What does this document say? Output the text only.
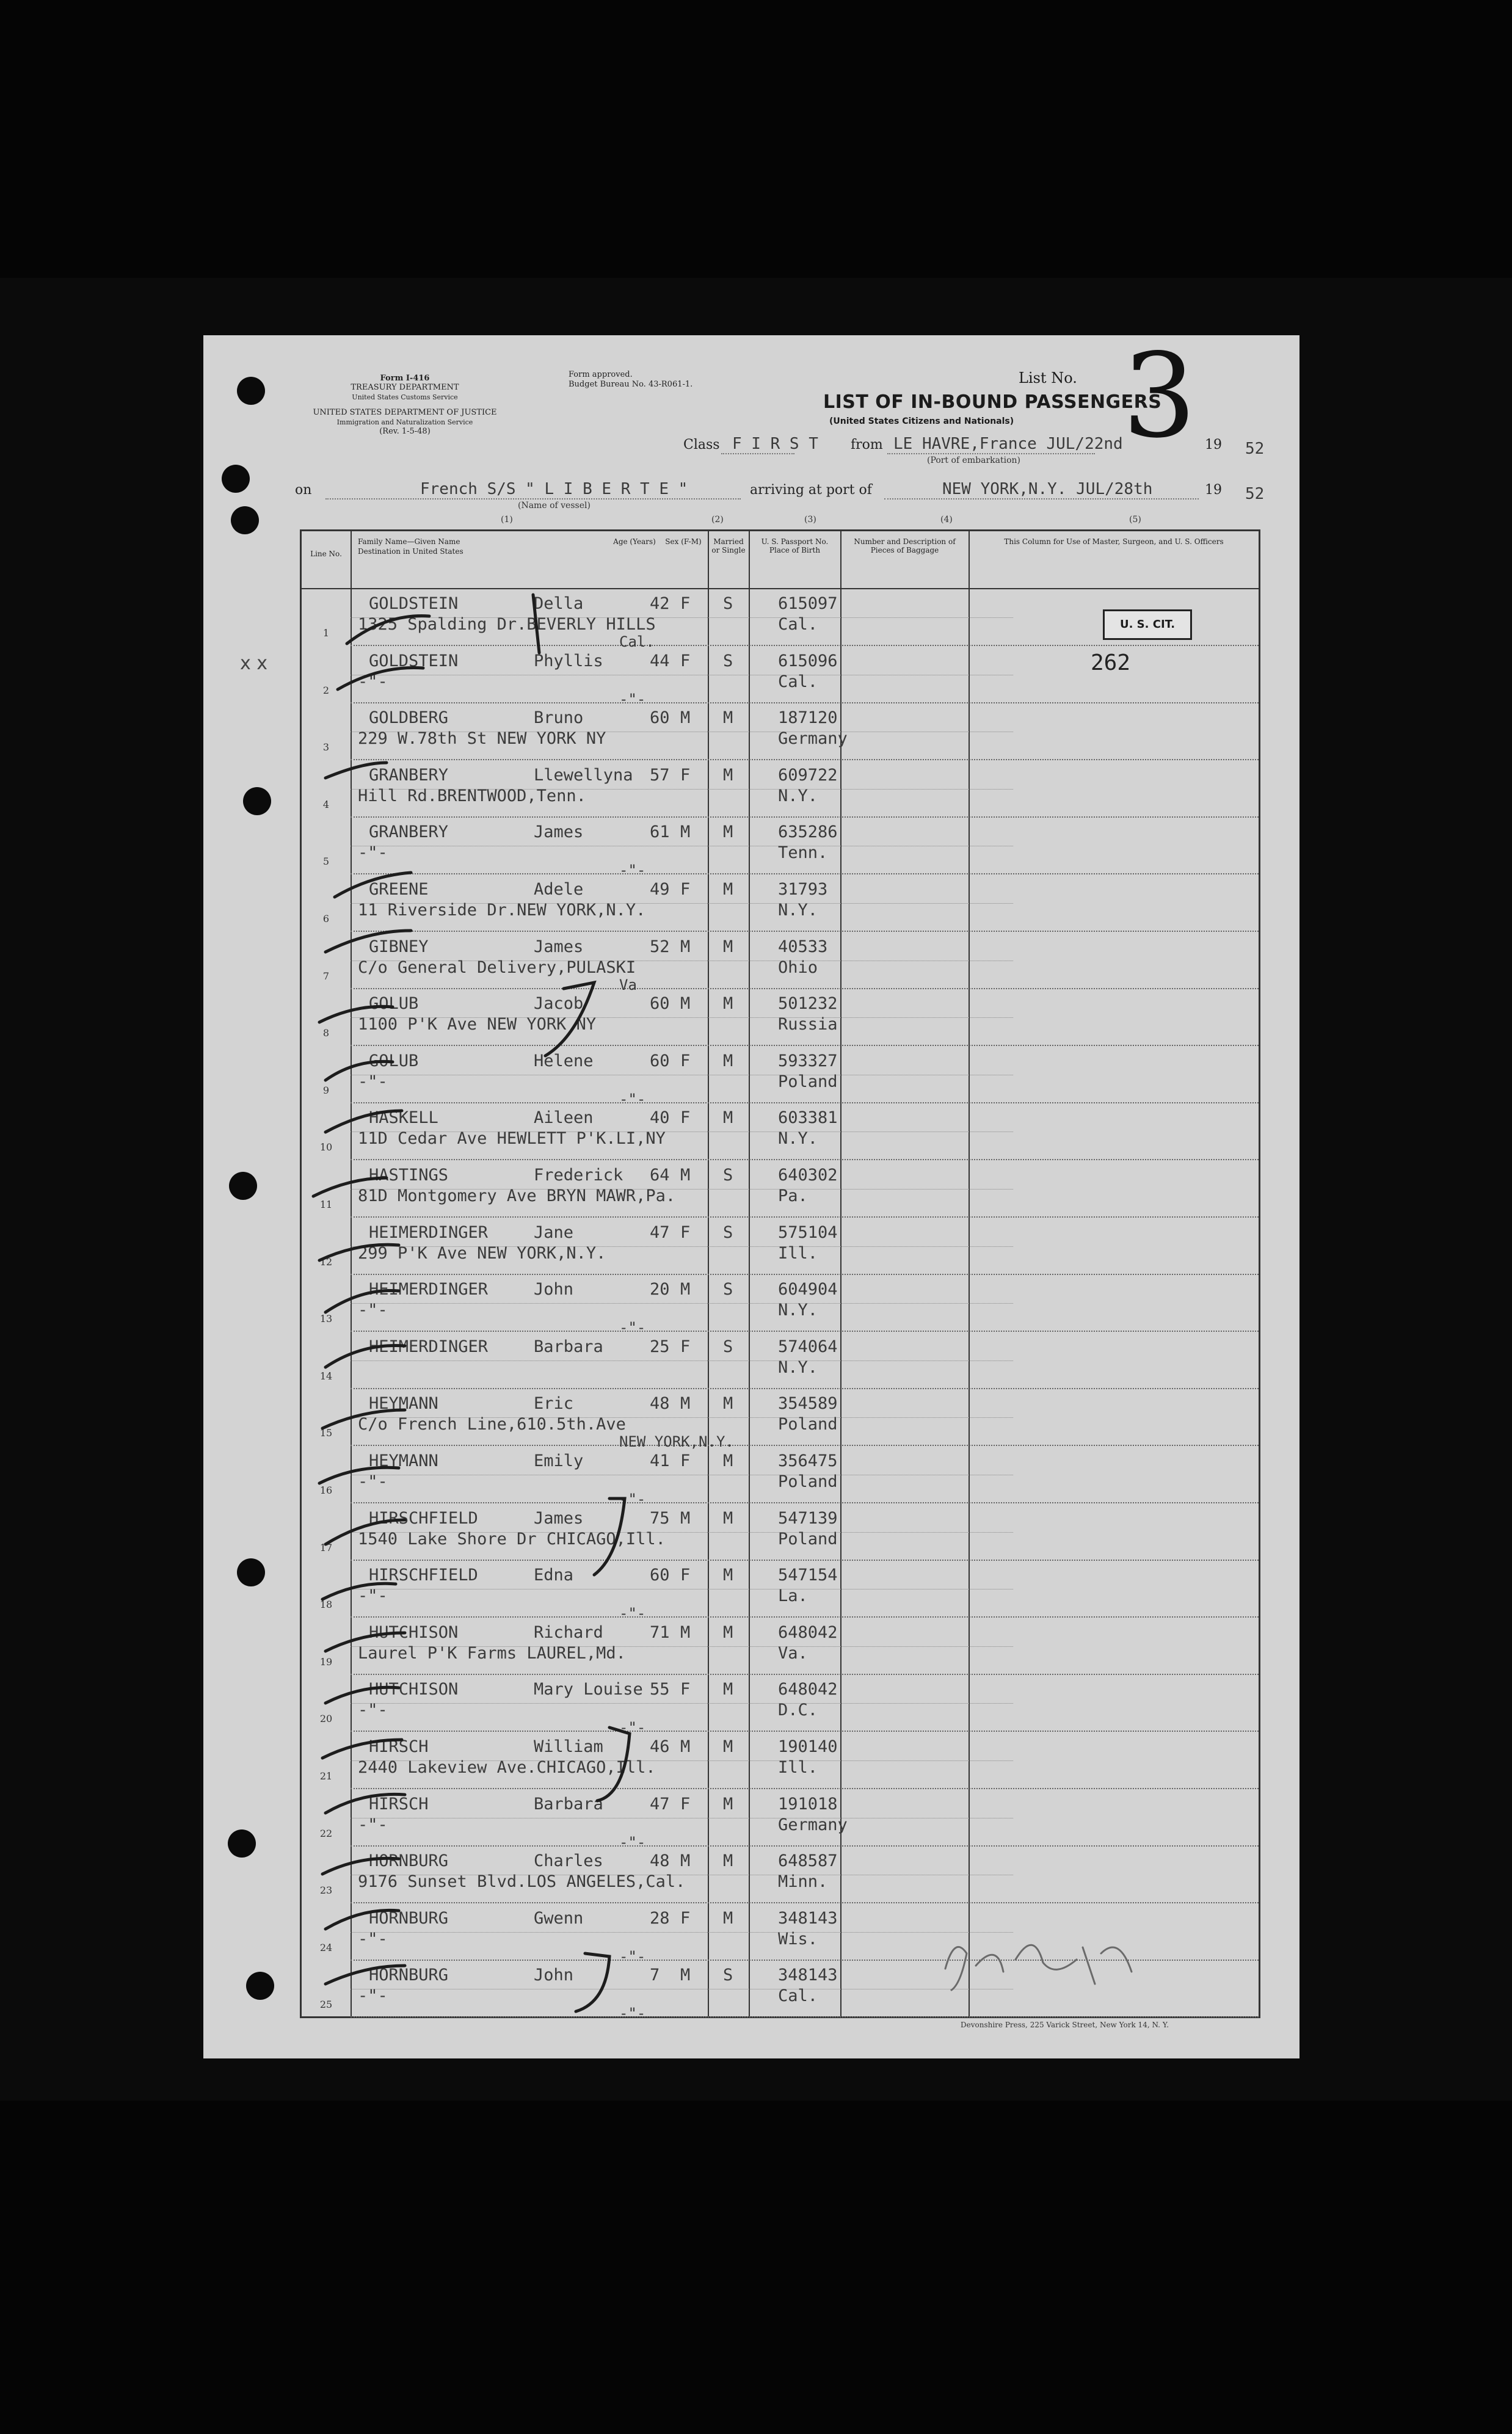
Form I-416
TREASURY DEPARTMENT
United States Customs Service
UNITED STATES DEPARTMENT OF JUSTICE
Immigration and Naturalization Service
(Rev. 1-5-48)
Form approved.
Budget Bureau No. 43-R061-1.	List No. 3
LIST OF IN-BOUND PASSENGERS
(United States Citizens and Nationals)
Class F I R S T from LE HAVRE,France JUL/22nd	19 52
(Port of embarkation)
on	French S/S " L I B E R T E "
(Name of vessel)
arriving at port of	NEW YORK,N.Y. JUL/28th	19 52
(1)	(2)	(3)	(4)	(5)
Line No.
Family Name—Given Name
Destination in United States
Age (Years)	Sex (F-M)	Married or Single
U. S. Passport No. Place of Birth
Number and Description of Pieces of Baggage
This Column for Use of Master, Surgeon, and U. S. Officers
1
GOLDSTEIN	Della	42 F S	615097
Cal.
1325 Spalding Dr.BEVERLY HILLS
Cal.
2
GOLDSTEIN	Phyllis	44 F S	615096
Cal.
-"-
-"-
3
GOLDBERG	Bruno	60 M M	187120
Germany
229 W.78th St NEW YORK NY
4
GRANBERY	Llewellyna 57 F M	609722
N.Y.
Hill Rd.BRENTWOOD,Tenn.
5
GRANBERY	James	61 M M	635286
Tenn.
-"-
-"-
6
GREENE	Adele	49 F M	31793
N.Y.
11 Riverside Dr.NEW YORK,N.Y.
7
GIBNEY	James	52 M M	40533
Ohio
C/o General Delivery,PULASKI
Va
8
GOLUB	Jacob	60 M M	501232
Russia
1100 P'K Ave NEW YORK NY
9
GOLUB	Helene	60 F M	593327
Poland
-"-
-"-
10
HASKELL	Aileen	40 F M	603381
N.Y.
11D Cedar Ave HEWLETT P'K.LI,NY
11
HASTINGS	Frederick 64 M S	640302
Pa.
81D Montgomery Ave BRYN MAWR,Pa.
12
HEIMERDINGER	Jane	47 F S	575104
Ill.
299 P'K Ave NEW YORK,N.Y.
13
HEIMERDINGER	John	20 M S	604904
N.Y.
-"-
-"-
14
HEIMERDINGER	Barbara	25 F S	574064
N.Y.
15
HEYMANN	Eric	48 M M	354589
Poland
C/o French Line,610.5th.Ave
NEW YORK,N.Y.
16
HEYMANN	Emily	41 F M	356475
Poland
-"-
-"-
17
HIRSCHFIELD	James	75 M M	547139
Poland
1540 Lake Shore Dr CHICAGO,Ill.
18
HIRSCHFIELD	Edna	60 F M	547154
La.
-"-
-"-
19
HUTCHISON	Richard	71 M M	648042
Va.
Laurel P'K Farms LAUREL,Md.
20
HUTCHISON	Mary Louise 55 F M	648042
D.C.
-"-
-"-
21
HIRSCH	William	46 M M	190140
Ill.
2440 Lakeview Ave.CHICAGO,Ill.
22
HIRSCH	Barbara	47 F M	191018
Germany
-"-
-"-
23
HORNBURG	Charles	48 M M	648587
Minn.
9176 Sunset Blvd.LOS ANGELES,Cal.
24
HORNBURG	Gwenn	28 F M	348143
Wis.
-"-
-"-
25
HORNBURG	John	7 M S	348143
Cal.
-"-
-"-
U. S. CIT.
262
x x
Devonshire Press, 225 Varick Street, New York 14, N. Y.
